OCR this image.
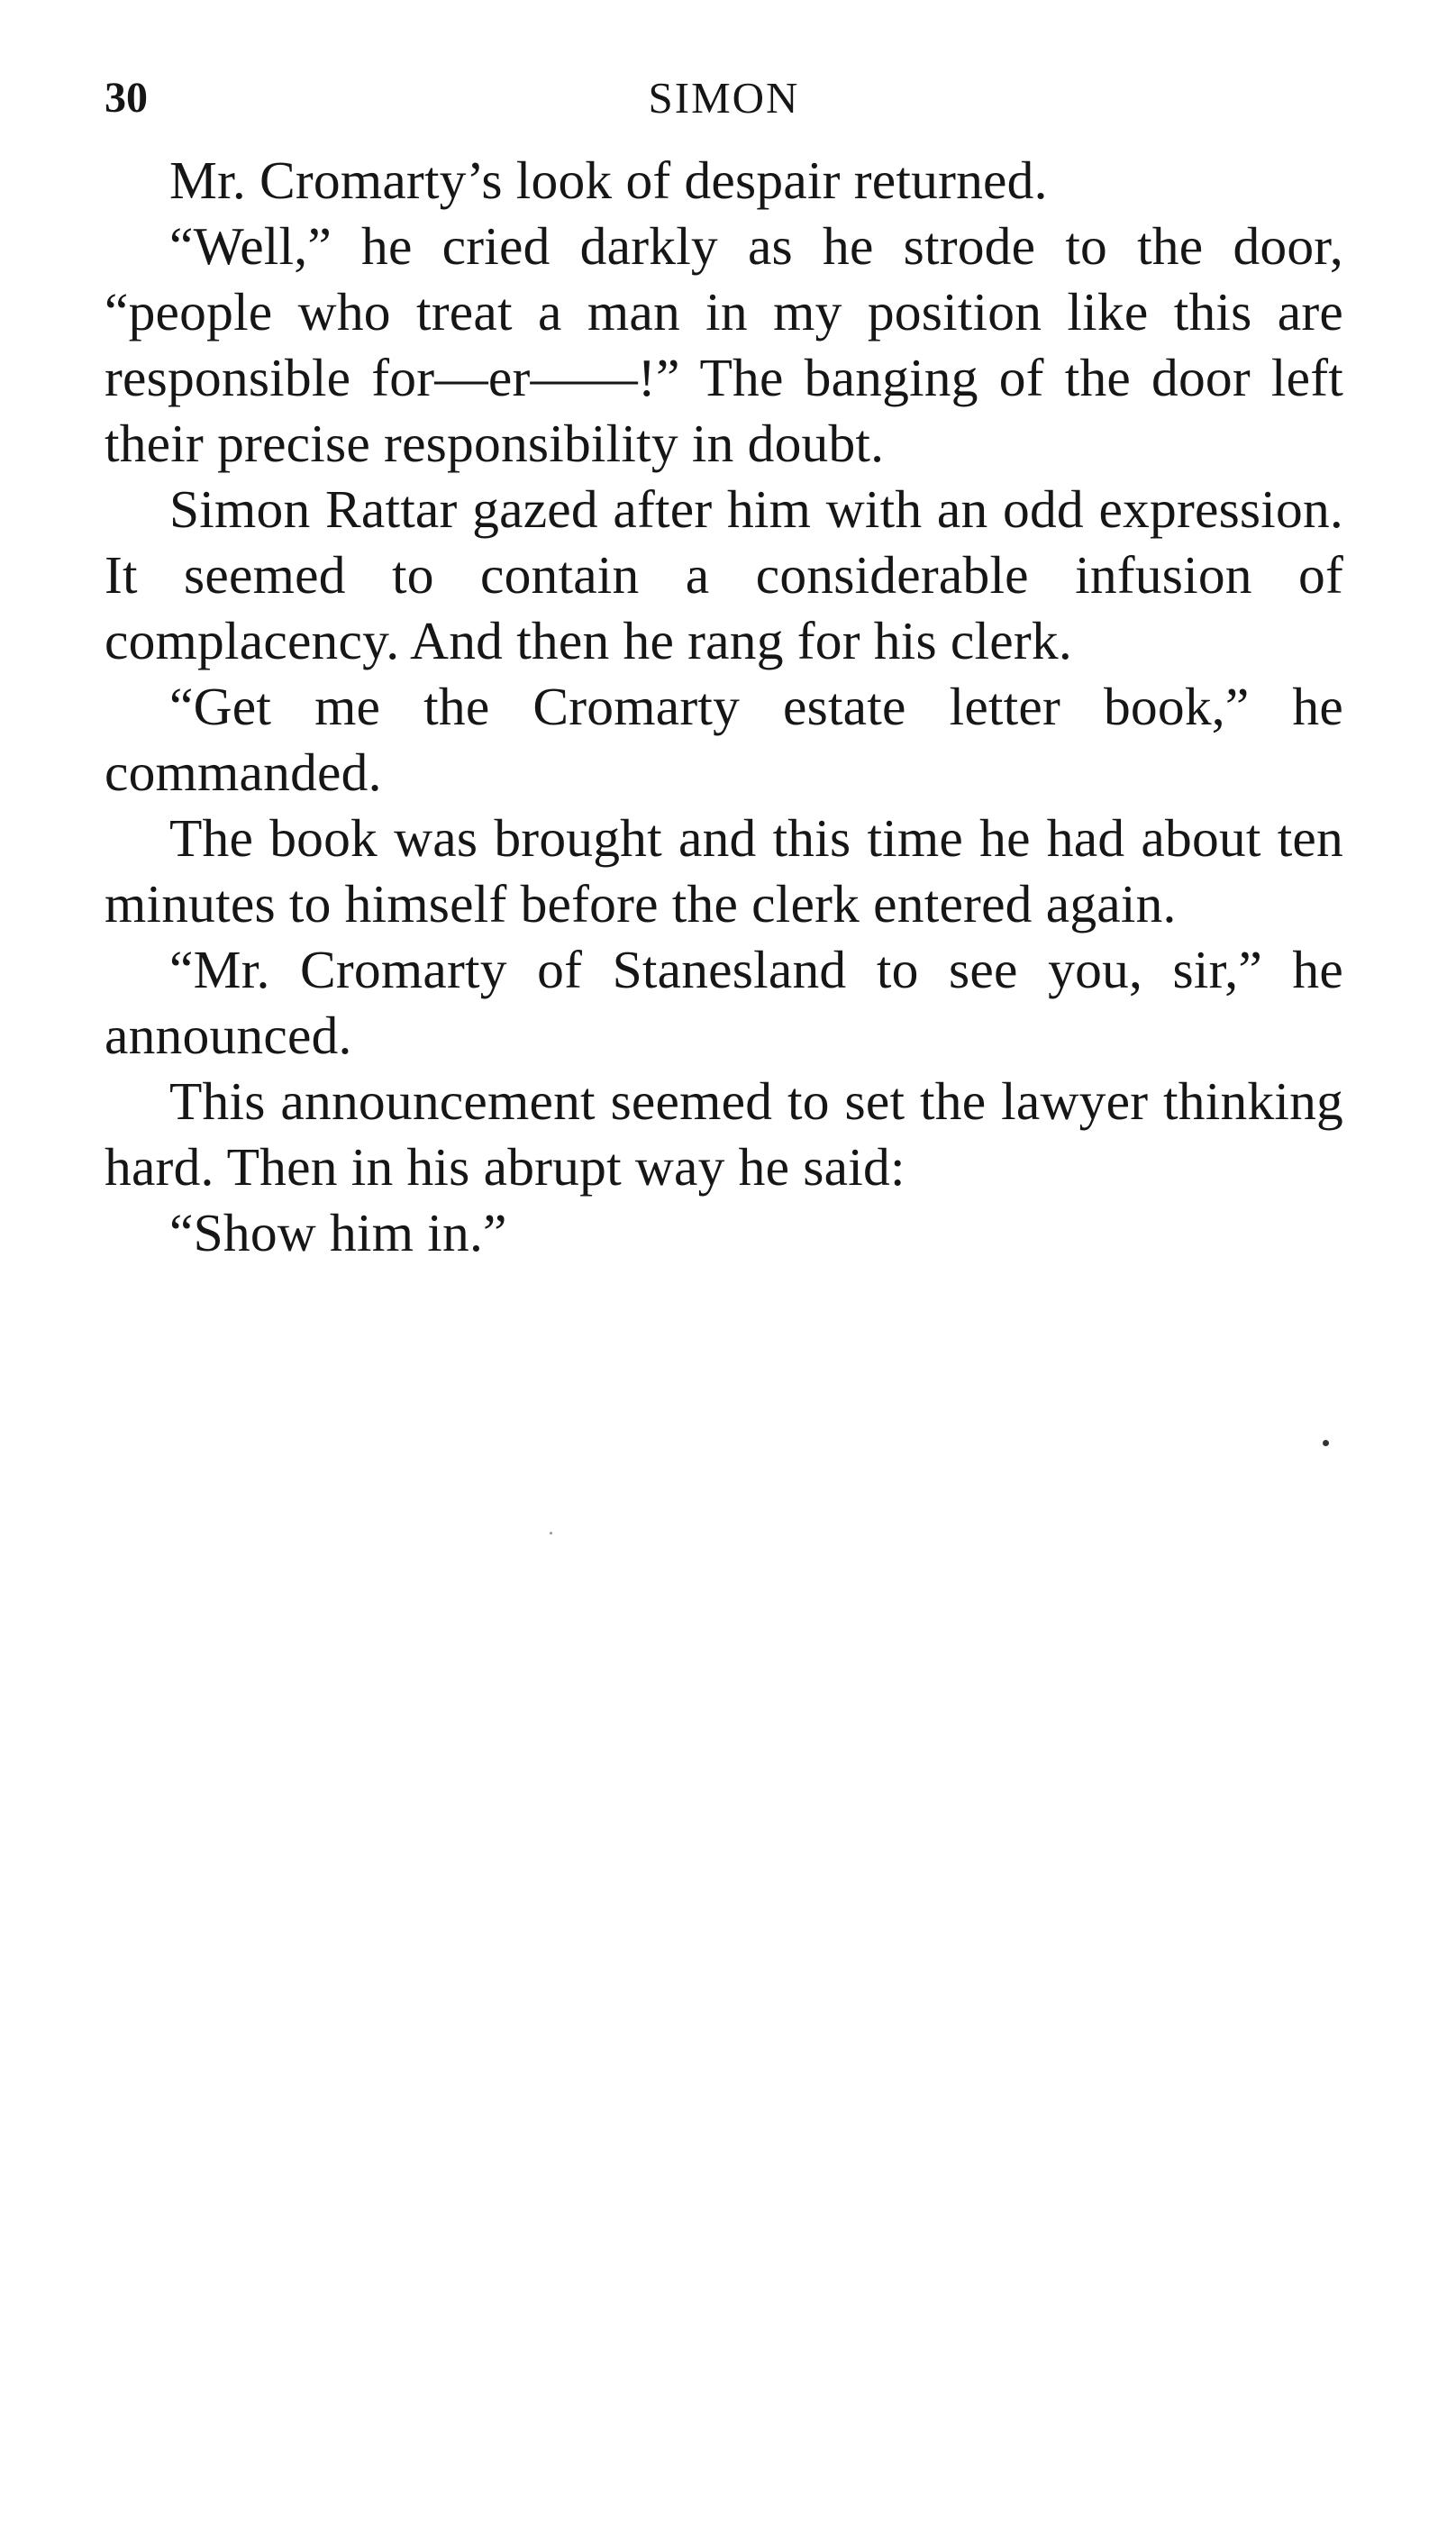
30	SIMON

Mr. Cromarty’s look of despair returned.

“Well,” he cried darkly as he strode to the door, “people who treat a man in my position like this are responsible for—er——!” The banging of the door left their precise responsibility in doubt.

Simon Rattar gazed after him with an odd expression. It seemed to contain a considerable infusion of complacency. And then he rang for his clerk.

“Get me the Cromarty estate letter book,” he commanded.

The book was brought and this time he had about ten minutes to himself before the clerk entered again.

“Mr. Cromarty of Stanesland to see you, sir,” he announced.

This announcement seemed to set the lawyer thinking hard. Then in his abrupt way he said:

“Show him in.”
